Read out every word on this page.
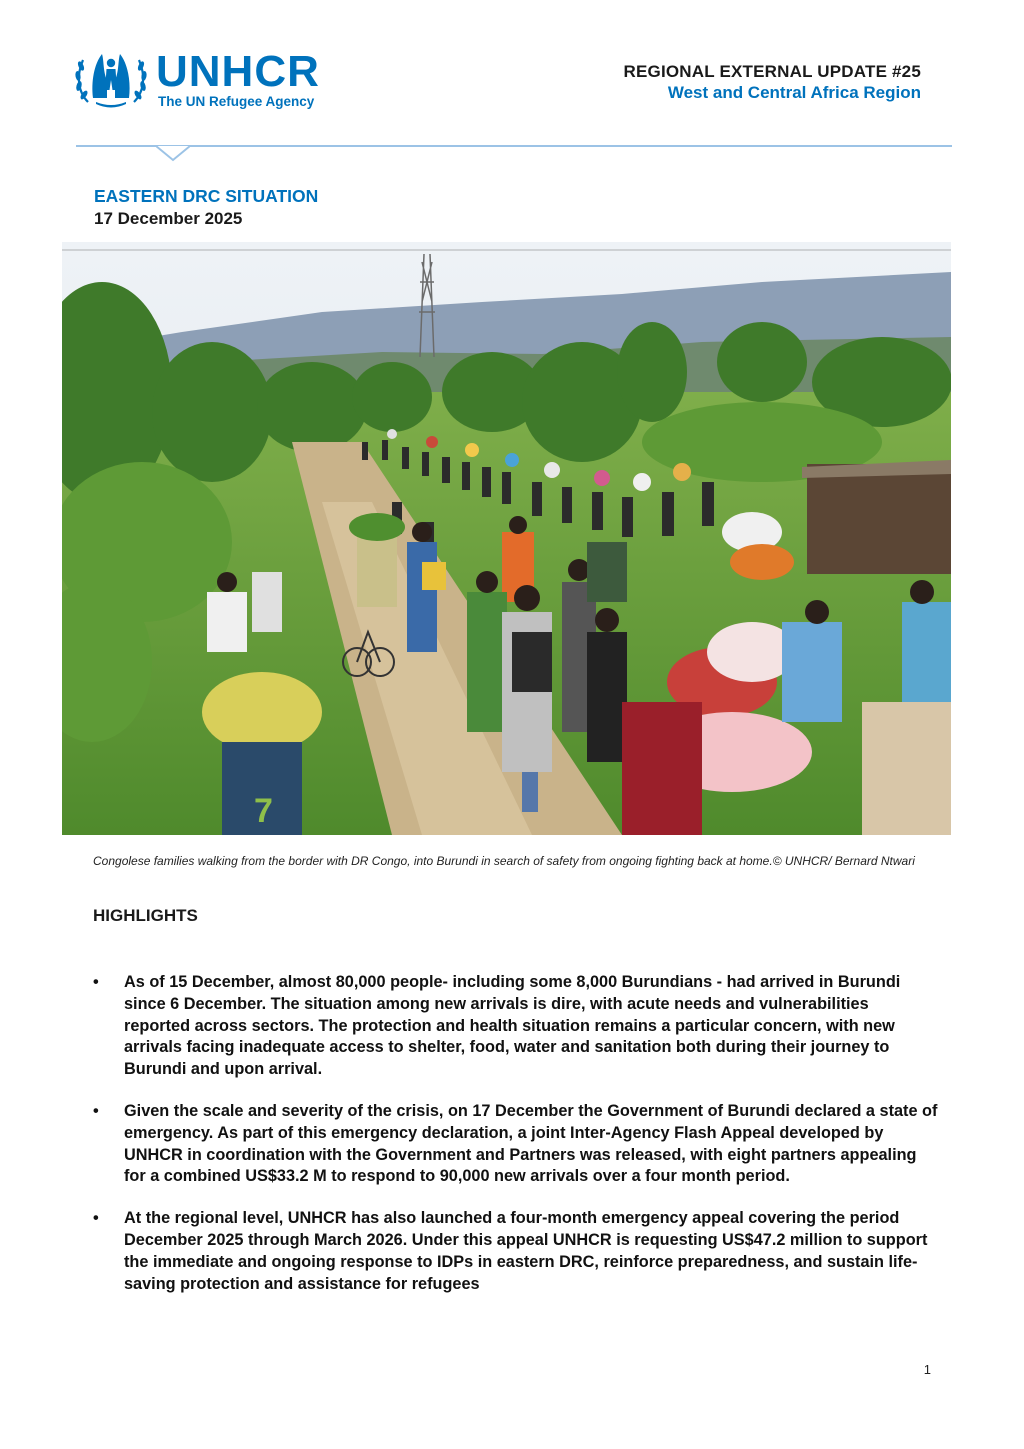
UNHCR
The UN Refugee Agency
REGIONAL EXTERNAL UPDATE #25
West and Central Africa Region
EASTERN DRC SITUATION
17 December 2025
7
Congolese families walking from the border with DR Congo, into Burundi in search of safety from ongoing fighting back at home.© UNHCR/ Bernard Ntwari
HIGHLIGHTS
• As of 15 December, almost 80,000 people- including some 8,000 Burundians - had arrived in Burundi since 6 December. The situation among new arrivals is dire, with acute needs and vulnerabilities reported across sectors. The protection and health situation remains a particular concern, with new arrivals facing inadequate access to shelter, food, water and sanitation both during their journey to Burundi and upon arrival.
• Given the scale and severity of the crisis, on 17 December the Government of Burundi declared a state of emergency. As part of this emergency declaration, a joint Inter-Agency Flash Appeal developed by UNHCR in coordination with the Government and Partners was released, with eight partners appealing for a combined US$33.2 M to respond to 90,000 new arrivals over a four month period.
• At the regional level, UNHCR has also launched a four-month emergency appeal covering the period December 2025 through March 2026. Under this appeal UNHCR is requesting US$47.2 million to support the immediate and ongoing response to IDPs in eastern DRC, reinforce preparedness, and sustain life-saving protection and assistance for refugees
1
